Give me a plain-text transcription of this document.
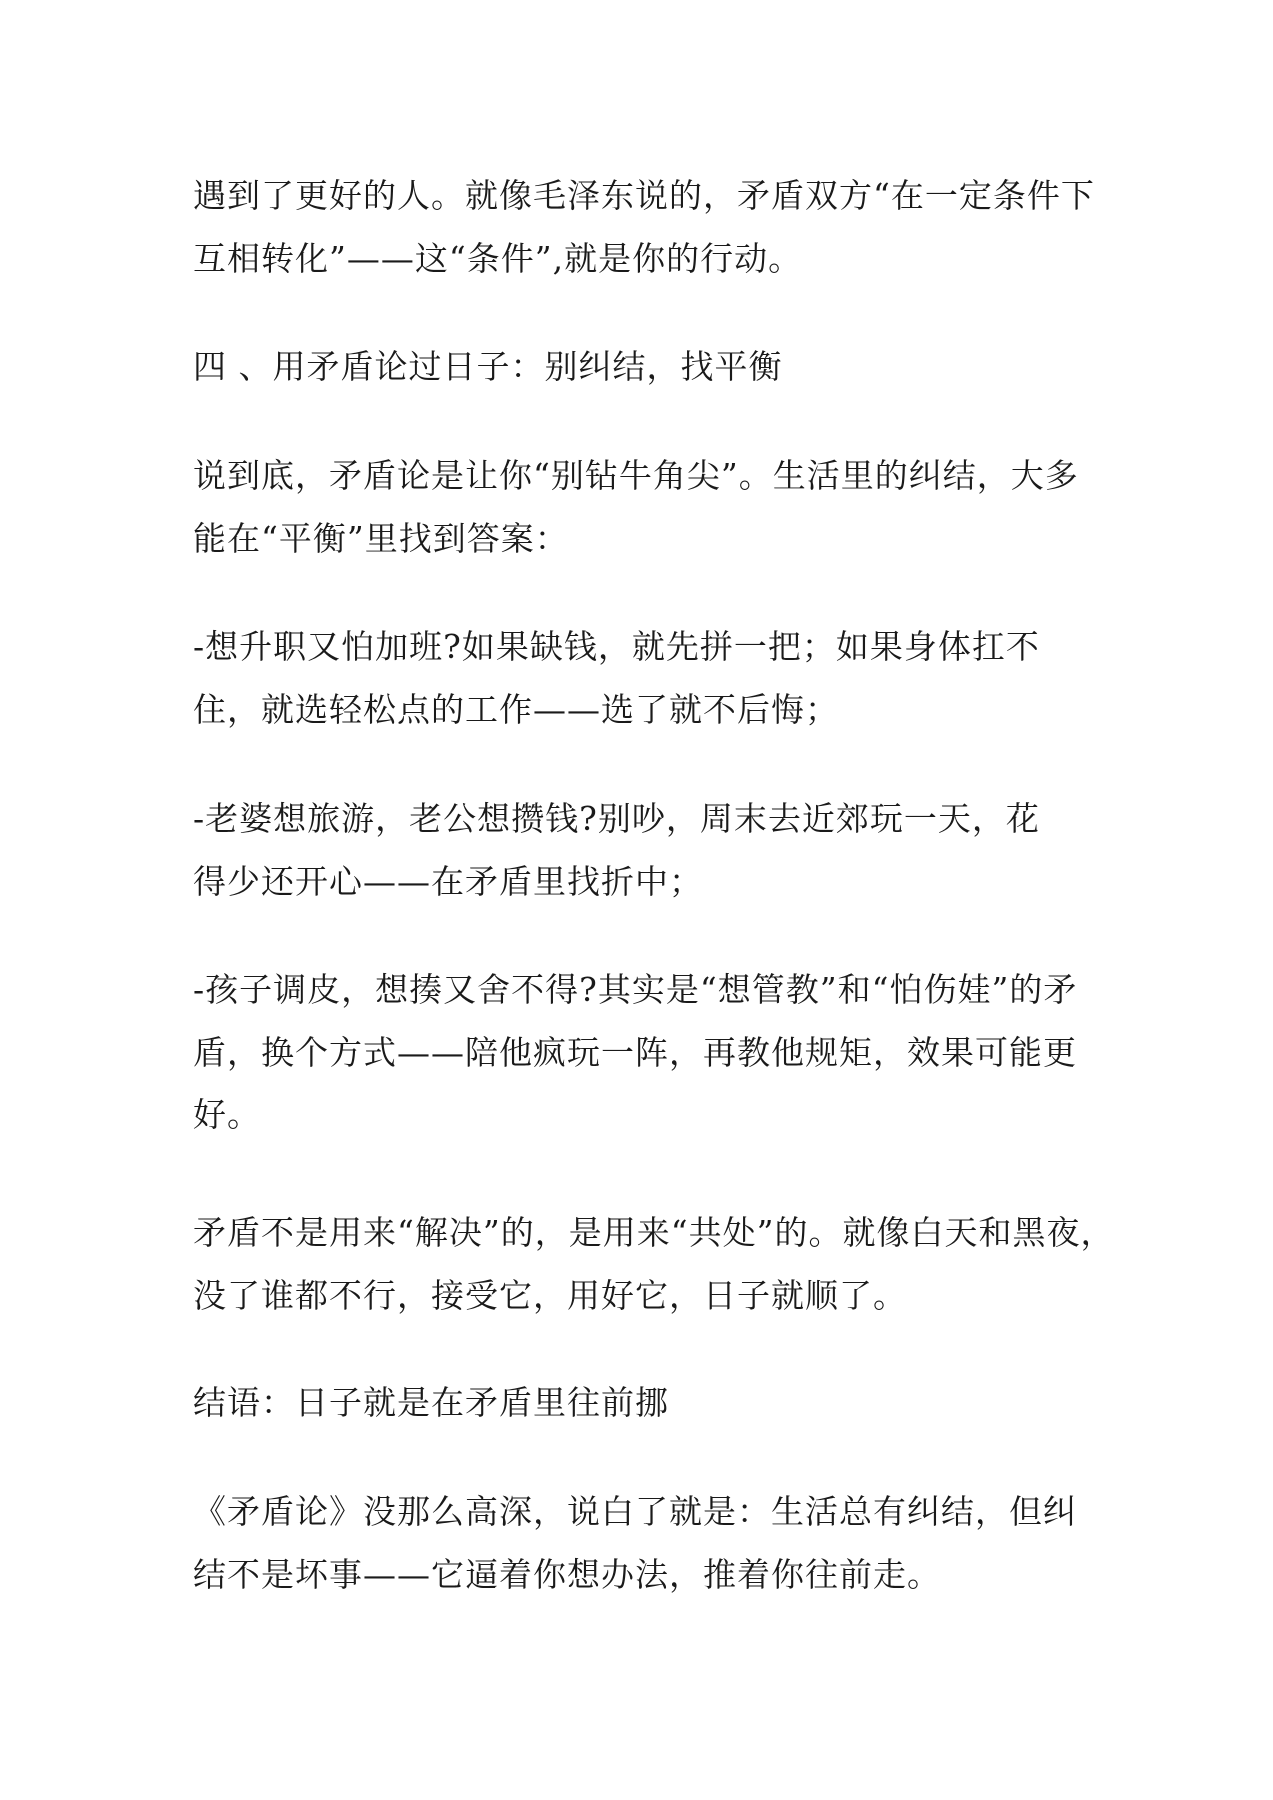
遇到了更好的人。就像毛泽东说的，矛盾双方“在一定条件下

互相转化”——这“条件”,就是你的行动。

四 、用矛盾论过日子：别纠结，找平衡

说到底，矛盾论是让你“别钻牛角尖”。生活里的纠结，大多

能在“平衡”里找到答案：

-想升职又怕加班?如果缺钱，就先拼一把；如果身体扛不

住，就选轻松点的工作——选了就不后悔；

-老婆想旅游，老公想攒钱?别吵，周末去近郊玩一天，花

得少还开心——在矛盾里找折中；

-孩子调皮，想揍又舍不得?其实是“想管教”和“怕伤娃”的矛

盾，换个方式——陪他疯玩一阵，再教他规矩，效果可能更

好。

矛盾不是用来“解决”的，是用来“共处”的。就像白天和黑夜，

没了谁都不行，接受它，用好它，日子就顺了。

结语：日子就是在矛盾里往前挪

《矛盾论》没那么高深，说白了就是：生活总有纠结，但纠

结不是坏事——它逼着你想办法，推着你往前走。
